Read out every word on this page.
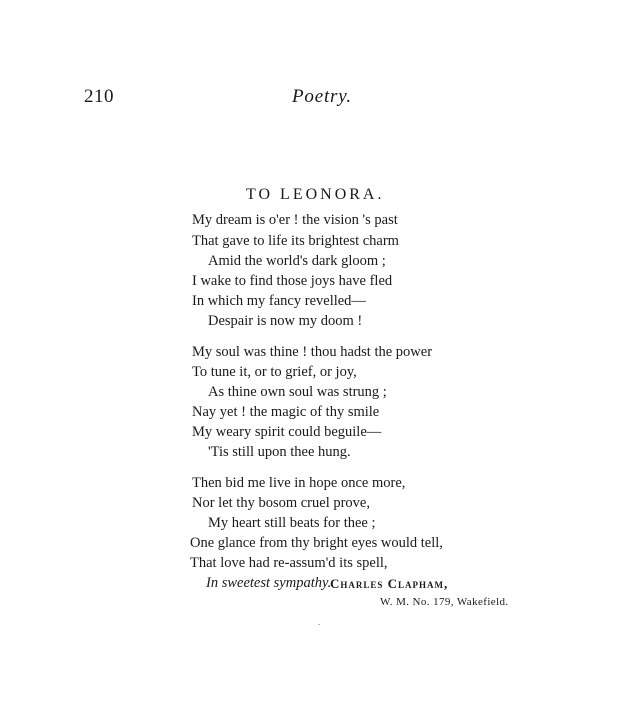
210	Poetry.
TO LEONORA.
My dream is o'er ! the vision 's past
That gave to life its brightest charm
Amid the world's dark gloom ;
I wake to find those joys have fled
In which my fancy revelled—
Despair is now my doom !
My soul was thine ! thou hadst the power
To tune it, or to grief, or joy,
As thine own soul was strung ;
Nay yet ! the magic of thy smile
My weary spirit could beguile—
'Tis still upon thee hung.
Then bid me live in hope once more,
Nor let thy bosom cruel prove,
My heart still beats for thee ;
One glance from thy bright eyes would tell,
That love had re-assum'd its spell,
In sweetest sympathy.
Charles Clapham,
W. M. No. 179, Wakefield.
